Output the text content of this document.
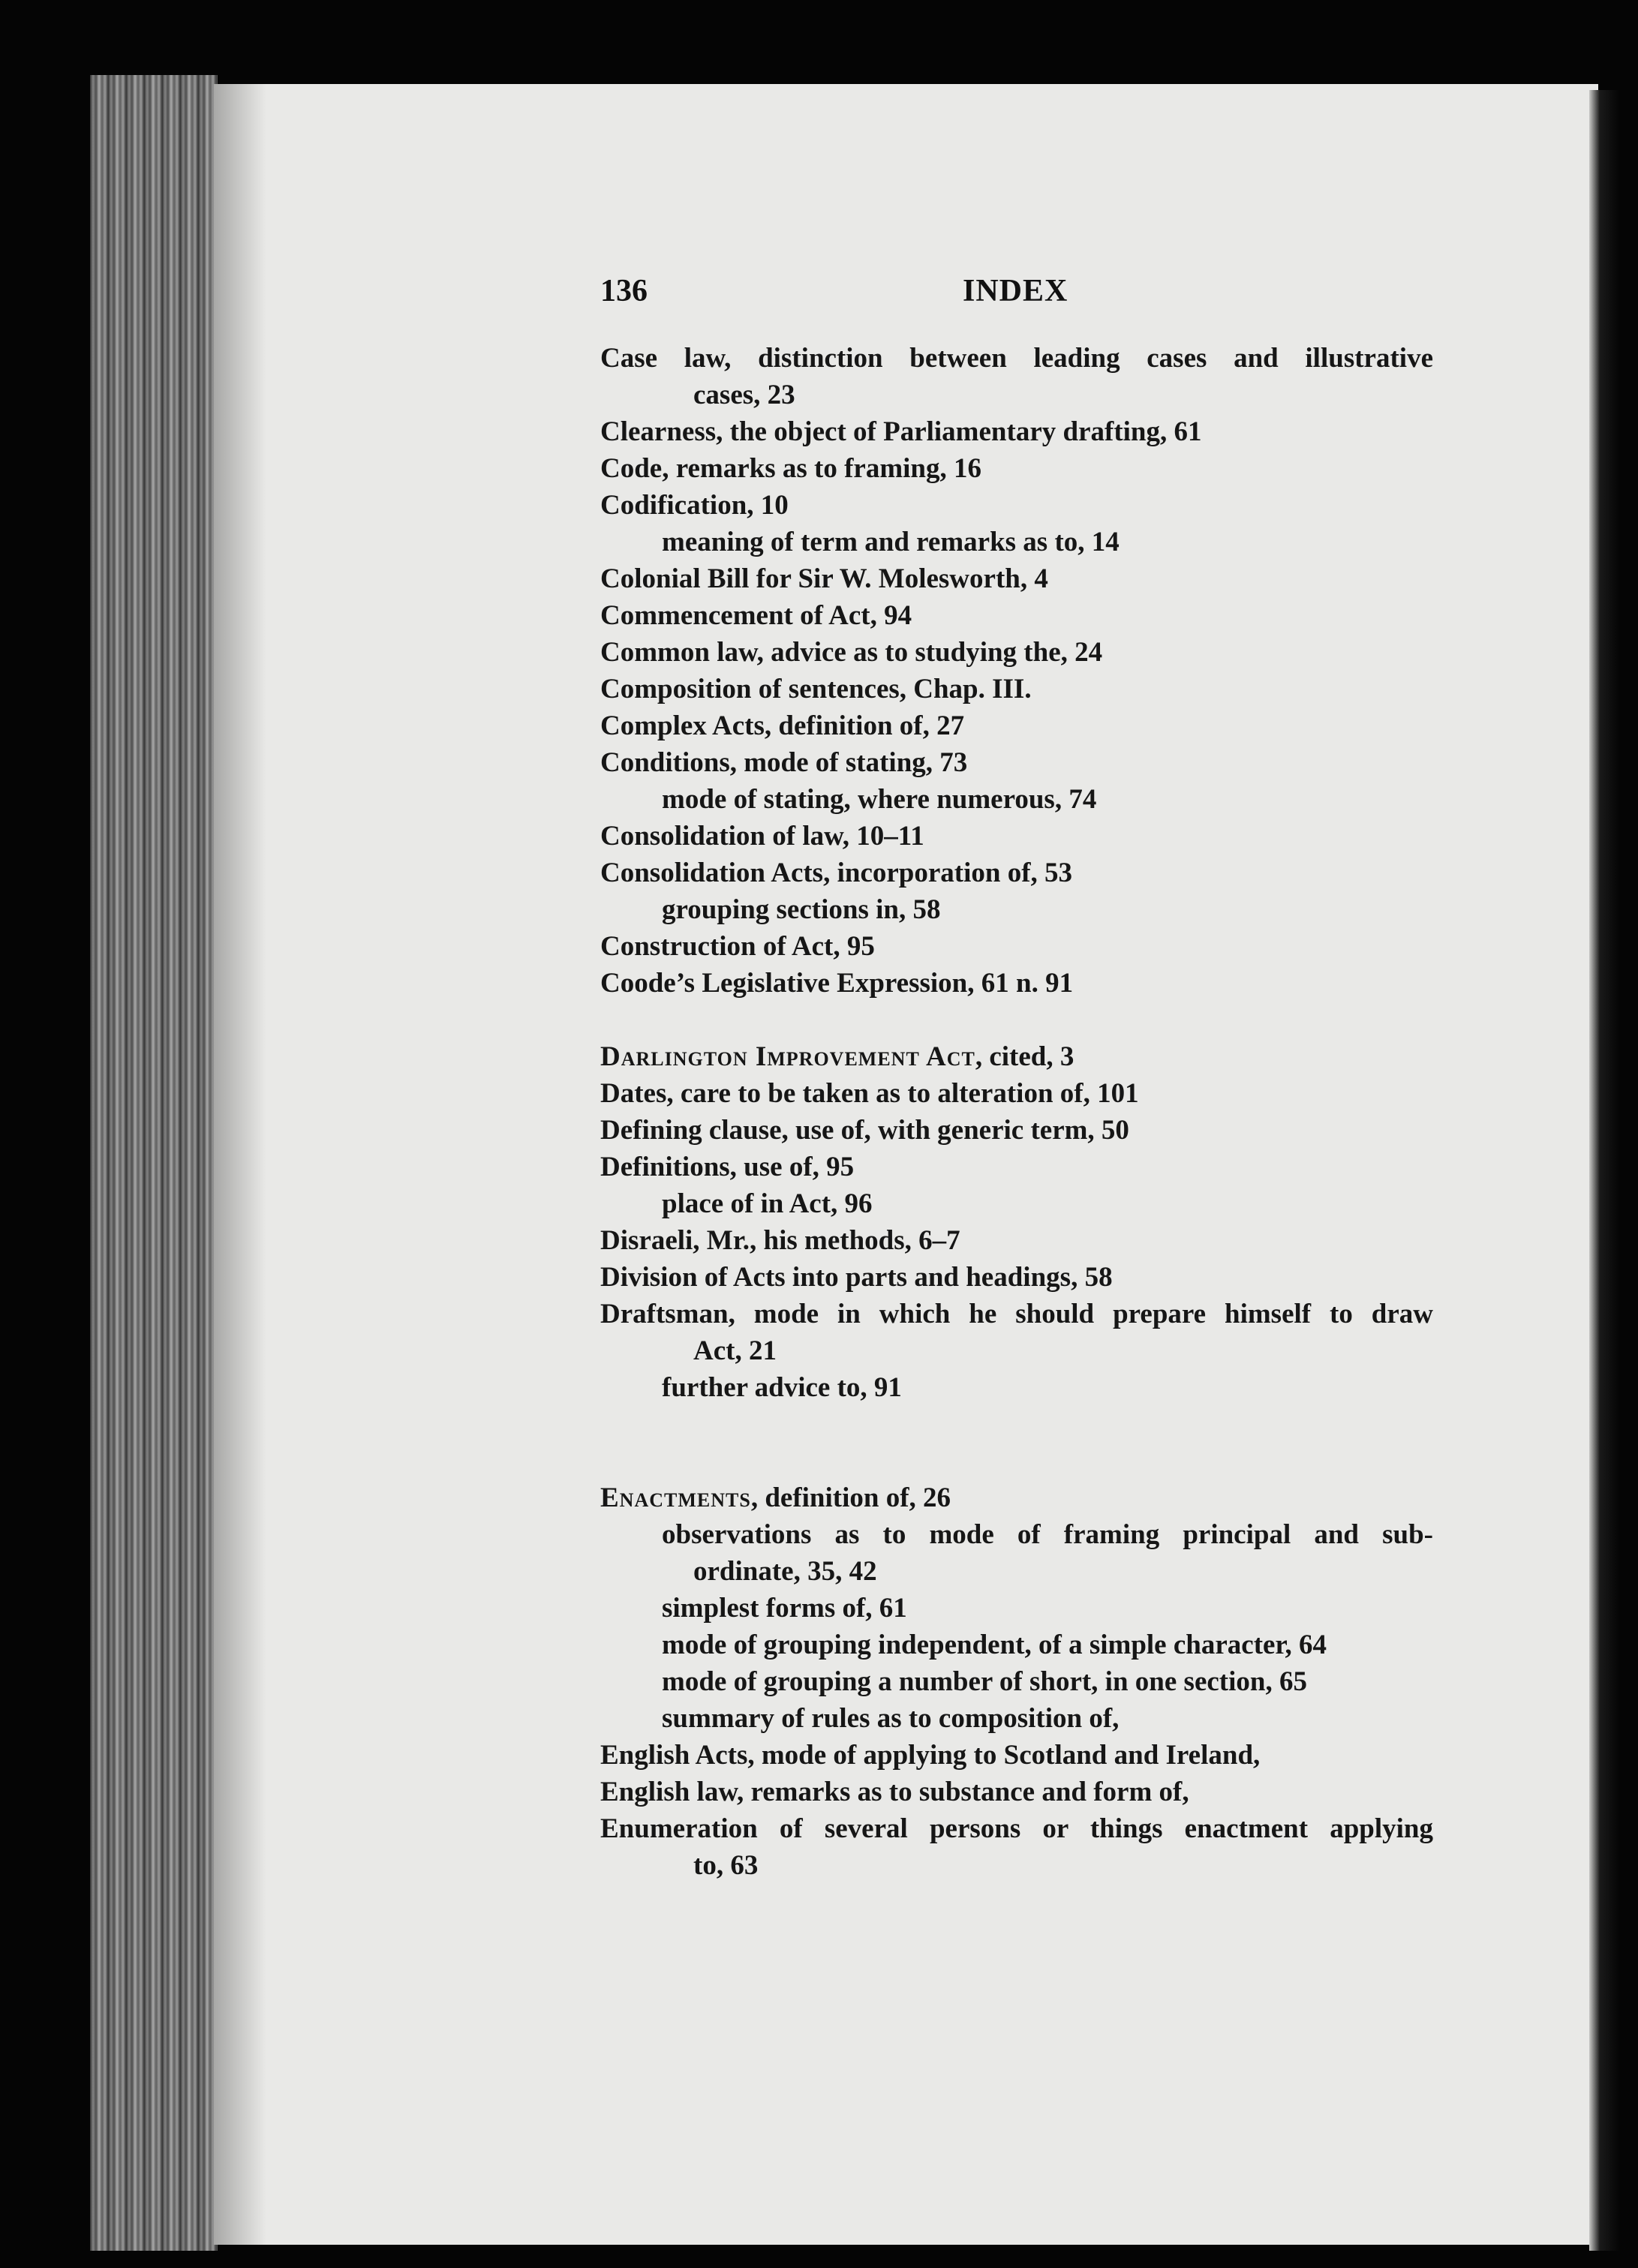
136	INDEX
Case law, distinction between leading cases and illustrative
cases, 23
Clearness, the object of Parliamentary drafting, 61
Code, remarks as to framing, 16
Codification, 10
meaning of term and remarks as to, 14
Colonial Bill for Sir W. Molesworth, 4
Commencement of Act, 94
Common law, advice as to studying the, 24
Composition of sentences, Chap. III.
Complex Acts, definition of, 27
Conditions, mode of stating, 73
mode of stating, where numerous, 74
Consolidation of law, 10–11
Consolidation Acts, incorporation of, 53
grouping sections in, 58
Construction of Act, 95
Coode’s Legislative Expression, 61 n. 91
Darlington Improvement Act, cited, 3
Dates, care to be taken as to alteration of, 101
Defining clause, use of, with generic term, 50
Definitions, use of, 95
place of in Act, 96
Disraeli, Mr., his methods, 6–7
Division of Acts into parts and headings, 58
Draftsman, mode in which he should prepare himself to draw
Act, 21
further advice to, 91
Enactments, definition of, 26
observations as to mode of framing principal and sub-
ordinate, 35, 42
simplest forms of, 61
mode of grouping independent, of a simple character, 64
mode of grouping a number of short, in one section, 65
summary of rules as to composition of,
English Acts, mode of applying to Scotland and Ireland,
English law, remarks as to substance and form of,
Enumeration of several persons or things enactment applying
to, 63
